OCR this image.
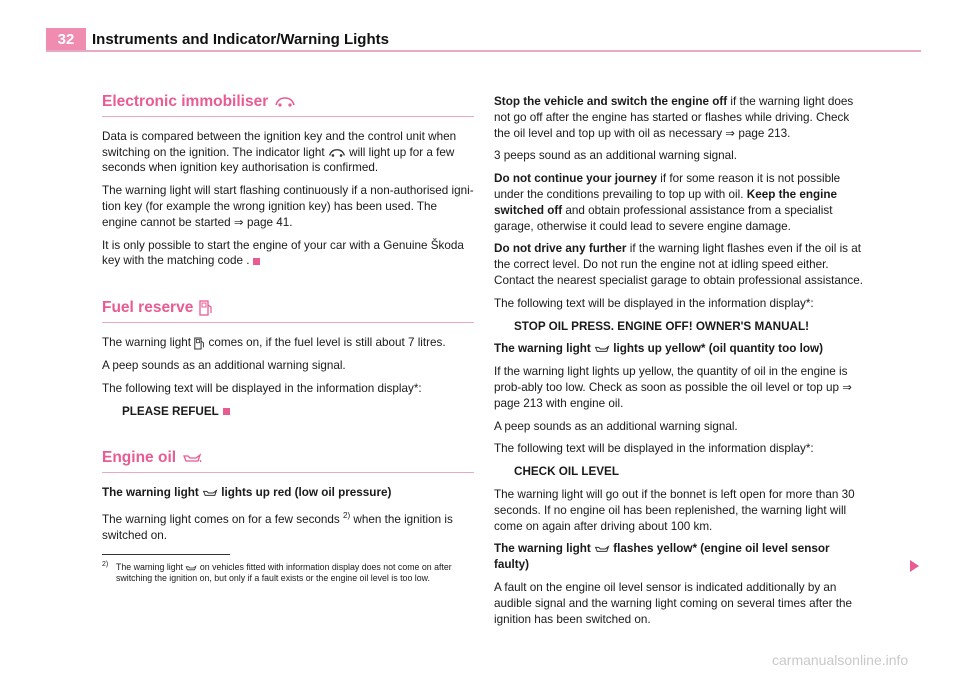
32	Instruments and Indicator/Warning Lights
Electronic immobiliser

Data is compared between the ignition key and the control unit when switching on the ignition. The indicator light  will light up for a few seconds when ignition key authorisation is confirmed.

The warning light will start flashing continuously if a non-authorised igni-tion key (for example the wrong ignition key) has been used. The engine cannot be started ⇒ page 41.

It is only possible to start the engine of your car with a Genuine Škoda key with the matching code .

Fuel reserve

The warning light  comes on, if the fuel level is still about 7 litres.

A peep sounds as an additional warning signal.

The following text will be displayed in the information display*:

PLEASE REFUEL

Engine oil

The warning light  lights up red (low oil pressure)

The warning light comes on for a few seconds $^{2)}$ when the ignition is switched on.

Stop the vehicle and switch the engine off if the warning light does not go off after the engine has started or flashes while driving. Check the oil level and top up with oil as necessary ⇒ page 213.

3 peeps sound as an additional warning signal.

Do not continue your journey if for some reason it is not possible under the conditions prevailing to top up with oil. Keep the engine switched off and obtain professional assistance from a specialist garage, otherwise it could lead to severe engine damage.

Do not drive any further if the warning light flashes even if the oil is at the correct level. Do not run the engine not at idling speed either. Contact the nearest specialist garage to obtain professional assistance.

The following text will be displayed in the information display*:

STOP OIL PRESS. ENGINE OFF! OWNER'S MANUAL!

The warning light  lights up yellow* (oil quantity too low)

If the warning light lights up yellow, the quantity of oil in the engine is prob-ably too low. Check as soon as possible the oil level or top up ⇒ page 213 with engine oil.

A peep sounds as an additional warning signal.

The following text will be displayed in the information display*:

CHECK OIL LEVEL

The warning light will go out if the bonnet is left open for more than 30 seconds. If no engine oil has been replenished, the warning light will come on again after driving about 100 km.

The warning light  flashes yellow* (engine oil level sensor faulty)

A fault on the engine oil level sensor is indicated additionally by an audible signal and the warning light coming on several times after the ignition has been switched on.

2) The warning light  on vehicles fitted with information display does not come on after switching the ignition on, but only if a fault exists or the engine oil level is too low.
carmanualsonline.info
